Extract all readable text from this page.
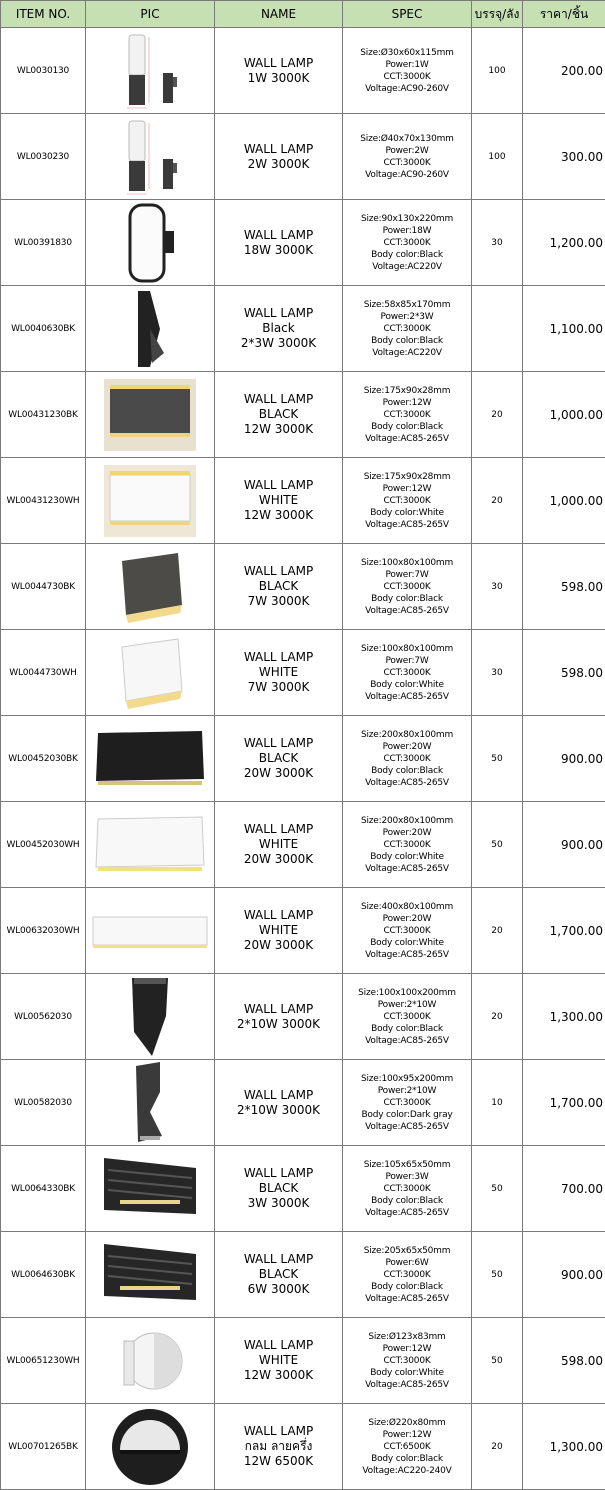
ITEM NO.	PIC	NAME	SPEC	บรรจุ/ลัง	ราคา/ชิ้น
WL0030130		WALL LAMP
1W 3000K	Size:Ø30x60x115mm
Power:1W
CCT:3000K
Voltage:AC90-260V	100	200.00
WL0030230		WALL LAMP
2W 3000K	Size:Ø40x70x130mm
Power:2W
CCT:3000K
Voltage:AC90-260V	100	300.00
WL00391830		WALL LAMP
18W 3000K	Size:90x130x220mm
Power:18W
CCT:3000K
Body color:Black
Voltage:AC220V	30	1,200.00
WL0040630BK		WALL LAMP
Black
2*3W 3000K	Size:58x85x170mm
Power:2*3W
CCT:3000K
Body color:Black
Voltage:AC220V		1,100.00
WL00431230BK		WALL LAMP
BLACK
12W 3000K	Size:175x90x28mm
Power:12W
CCT:3000K
Body color:Black
Voltage:AC85-265V	20	1,000.00
WL00431230WH		WALL LAMP
WHITE
12W 3000K	Size:175x90x28mm
Power:12W
CCT:3000K
Body color:White
Voltage:AC85-265V	20	1,000.00
WL0044730BK		WALL LAMP
BLACK
7W 3000K	Size:100x80x100mm
Power:7W
CCT:3000K
Body color:Black
Voltage:AC85-265V	30	598.00
WL0044730WH		WALL LAMP
WHITE
7W 3000K	Size:100x80x100mm
Power:7W
CCT:3000K
Body color:White
Voltage:AC85-265V	30	598.00
WL00452030BK		WALL LAMP
BLACK
20W 3000K	Size:200x80x100mm
Power:20W
CCT:3000K
Body color:Black
Voltage:AC85-265V	50	900.00
WL00452030WH		WALL LAMP
WHITE
20W 3000K	Size:200x80x100mm
Power:20W
CCT:3000K
Body color:White
Voltage:AC85-265V	50	900.00
WL00632030WH		WALL LAMP
WHITE
20W 3000K	Size:400x80x100mm
Power:20W
CCT:3000K
Body color:White
Voltage:AC85-265V	20	1,700.00
WL00562030		WALL LAMP
2*10W 3000K	Size:100x100x200mm
Power:2*10W
CCT:3000K
Body color:Black
Voltage:AC85-265V	20	1,300.00
WL00582030		WALL LAMP
2*10W 3000K	Size:100x95x200mm
Power:2*10W
CCT:3000K
Body color:Dark gray
Voltage:AC85-265V	10	1,700.00
WL0064330BK		WALL LAMP
BLACK
3W 3000K	Size:105x65x50mm
Power:3W
CCT:3000K
Body color:Black
Voltage:AC85-265V	50	700.00
WL0064630BK		WALL LAMP
BLACK
6W 3000K	Size:205x65x50mm
Power:6W
CCT:3000K
Body color:Black
Voltage:AC85-265V	50	900.00
WL00651230WH		WALL LAMP
WHITE
12W 3000K	Size:Ø123x83mm
Power:12W
CCT:3000K
Body color:White
Voltage:AC85-265V	50	598.00
WL00701265BK		WALL LAMP
กลม ลายครึ่ง
12W 6500K	Size:Ø220x80mm
Power:12W
CCT:6500K
Body color:Black
Voltage:AC220-240V	20	1,300.00
